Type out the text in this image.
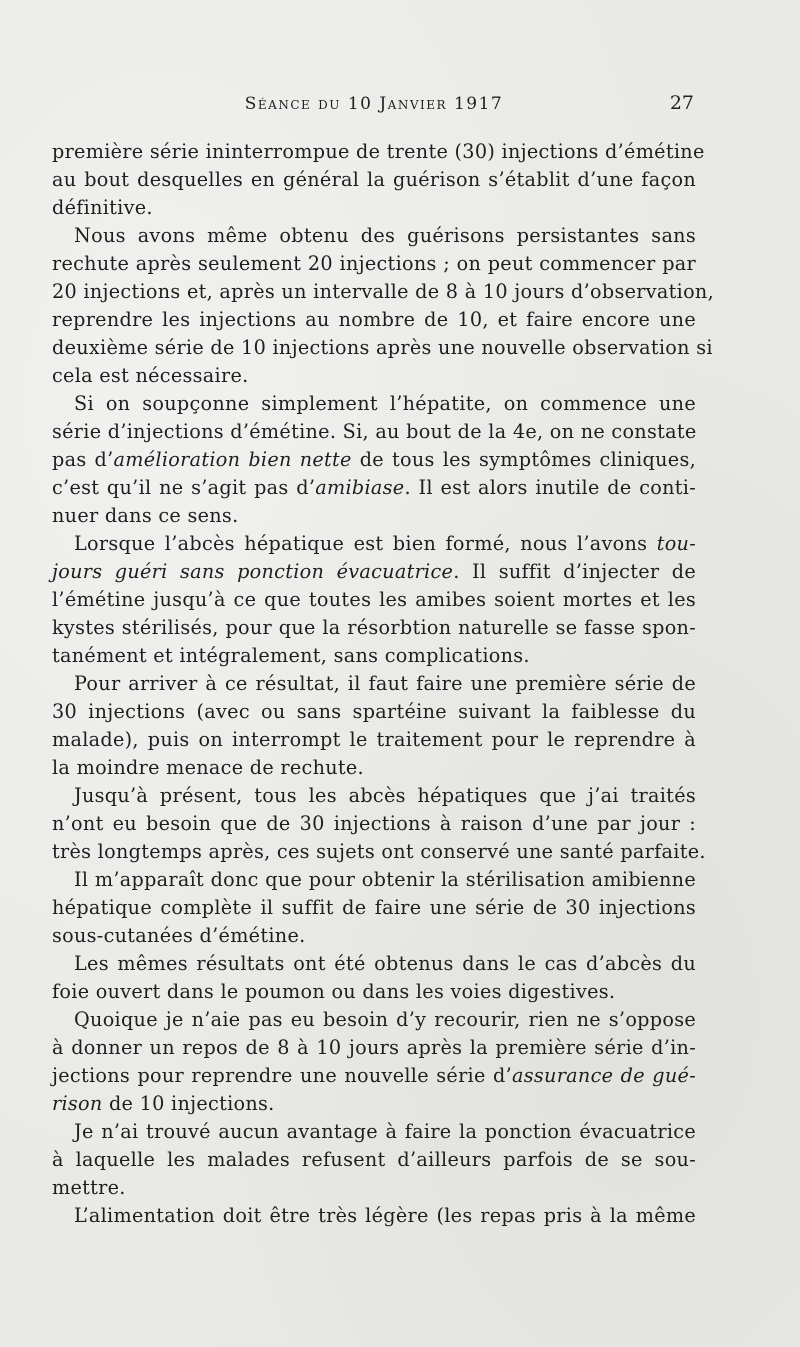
Séance du 10 Janvier 1917	27
première série ininterrompue de trente (30) injections d’émétine
au bout desquelles en général la guérison s’établit d’une façon
définitive.
Nous avons même obtenu des guérisons persistantes sans
rechute après seulement 20 injections ; on peut commencer par
20 injections et, après un intervalle de 8 à 10 jours d’observation,
reprendre les injections au nombre de 10, et faire encore une
deuxième série de 10 injections après une nouvelle observation si
cela est nécessaire.
Si on soupçonne simplement l’hépatite, on commence une
série d’injections d’émétine. Si, au bout de la 4e, on ne constate
pas d’amélioration bien nette de tous les symptômes cliniques,
c’est qu’il ne s’agit pas d’amibiase. Il est alors inutile de conti-
nuer dans ce sens.
Lorsque l’abcès hépatique est bien formé, nous l’avons tou-
jours guéri sans ponction évacuatrice. Il suffit d’injecter de
l’émétine jusqu’à ce que toutes les amibes soient mortes et les
kystes stérilisés, pour que la résorbtion naturelle se fasse spon-
tanément et intégralement, sans complications.
Pour arriver à ce résultat, il faut faire une première série de
30 injections (avec ou sans spartéine suivant la faiblesse du
malade), puis on interrompt le traitement pour le reprendre à
la moindre menace de rechute.
Jusqu’à présent, tous les abcès hépatiques que j’ai traités
n’ont eu besoin que de 30 injections à raison d’une par jour :
très longtemps après, ces sujets ont conservé une santé parfaite.
Il m’apparaît donc que pour obtenir la stérilisation amibienne
hépatique complète il suffit de faire une série de 30 injections
sous-cutanées d’émétine.
Les mêmes résultats ont été obtenus dans le cas d’abcès du
foie ouvert dans le poumon ou dans les voies digestives.
Quoique je n’aie pas eu besoin d’y recourir, rien ne s’oppose
à donner un repos de 8 à 10 jours après la première série d’in-
jections pour reprendre une nouvelle série d’assurance de gué-
rison de 10 injections.
Je n’ai trouvé aucun avantage à faire la ponction évacuatrice
à laquelle les malades refusent d’ailleurs parfois de se sou-
mettre.
L’alimentation doit être très légère (les repas pris à la même
